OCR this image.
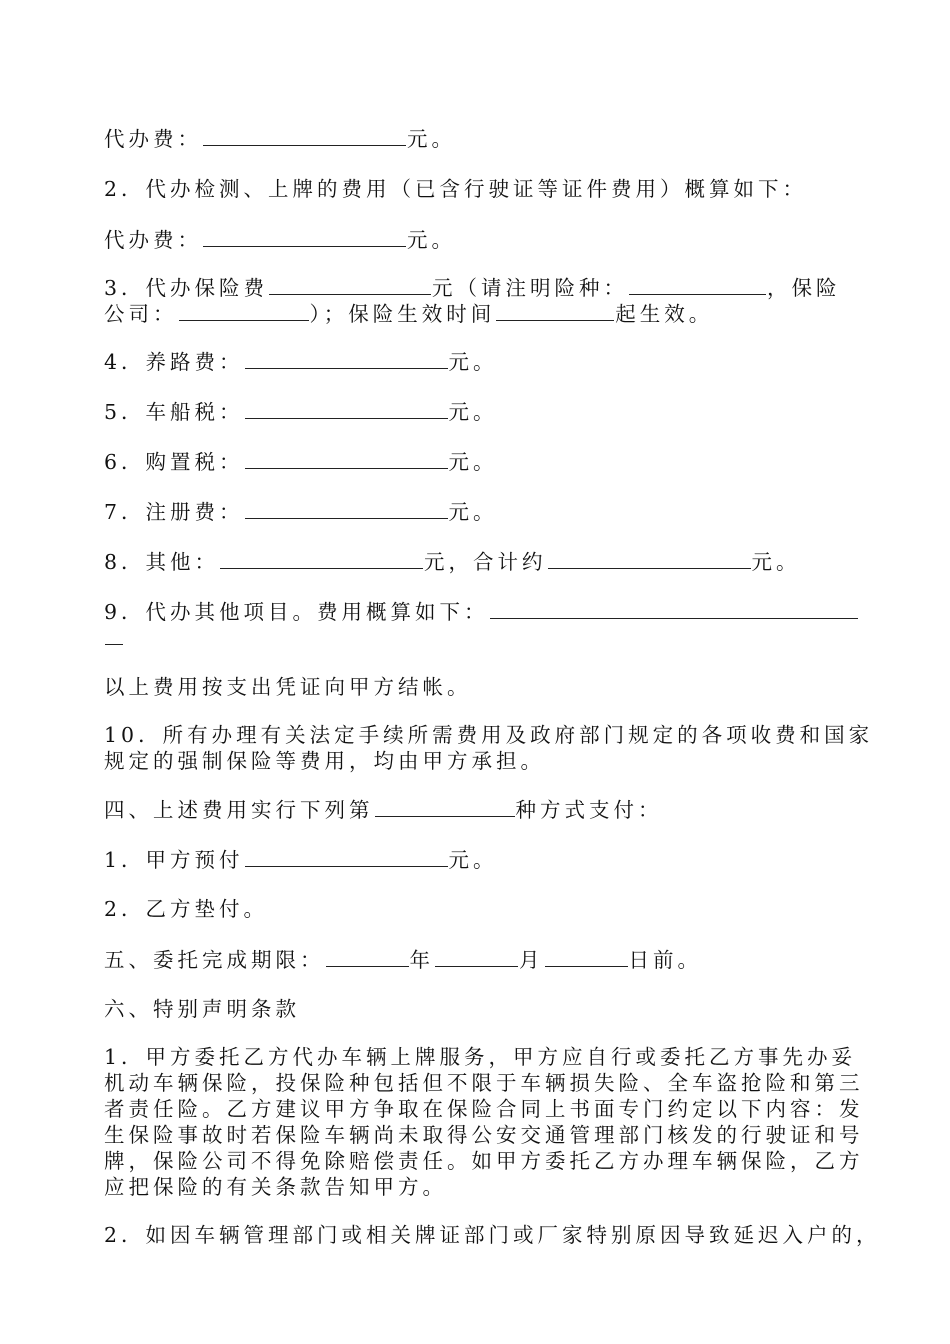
代办费：	元。
2．代办检测、上牌的费用（已含行驶证等证件费用）概算如下：
代办费：	元。
3．代办保险费	元（请注明险种：	，保险
公司：	）；保险生效时间	起生效。
4．养路费：	元。
5．车船税：	元。
6．购置税：	元。
7．注册费：	元。
8．其他：	元，合计约	元。
9．代办其他项目。费用概算如下：
以上费用按支出凭证向甲方结帐。
10．所有办理有关法定手续所需费用及政府部门规定的各项收费和国家
规定的强制保险等费用，均由甲方承担。
四、上述费用实行下列第	种方式支付：
1．甲方预付	元。
2．乙方垫付。
五、委托完成期限：	年	月	日前。
六、特别声明条款
1．甲方委托乙方代办车辆上牌服务，甲方应自行或委托乙方事先办妥
机动车辆保险，投保险种包括但不限于车辆损失险、全车盗抢险和第三
者责任险。乙方建议甲方争取在保险合同上书面专门约定以下内容：发
生保险事故时若保险车辆尚未取得公安交通管理部门核发的行驶证和号
牌，保险公司不得免除赔偿责任。如甲方委托乙方办理车辆保险，乙方
应把保险的有关条款告知甲方。
2．如因车辆管理部门或相关牌证部门或厂家特别原因导致延迟入户的，
